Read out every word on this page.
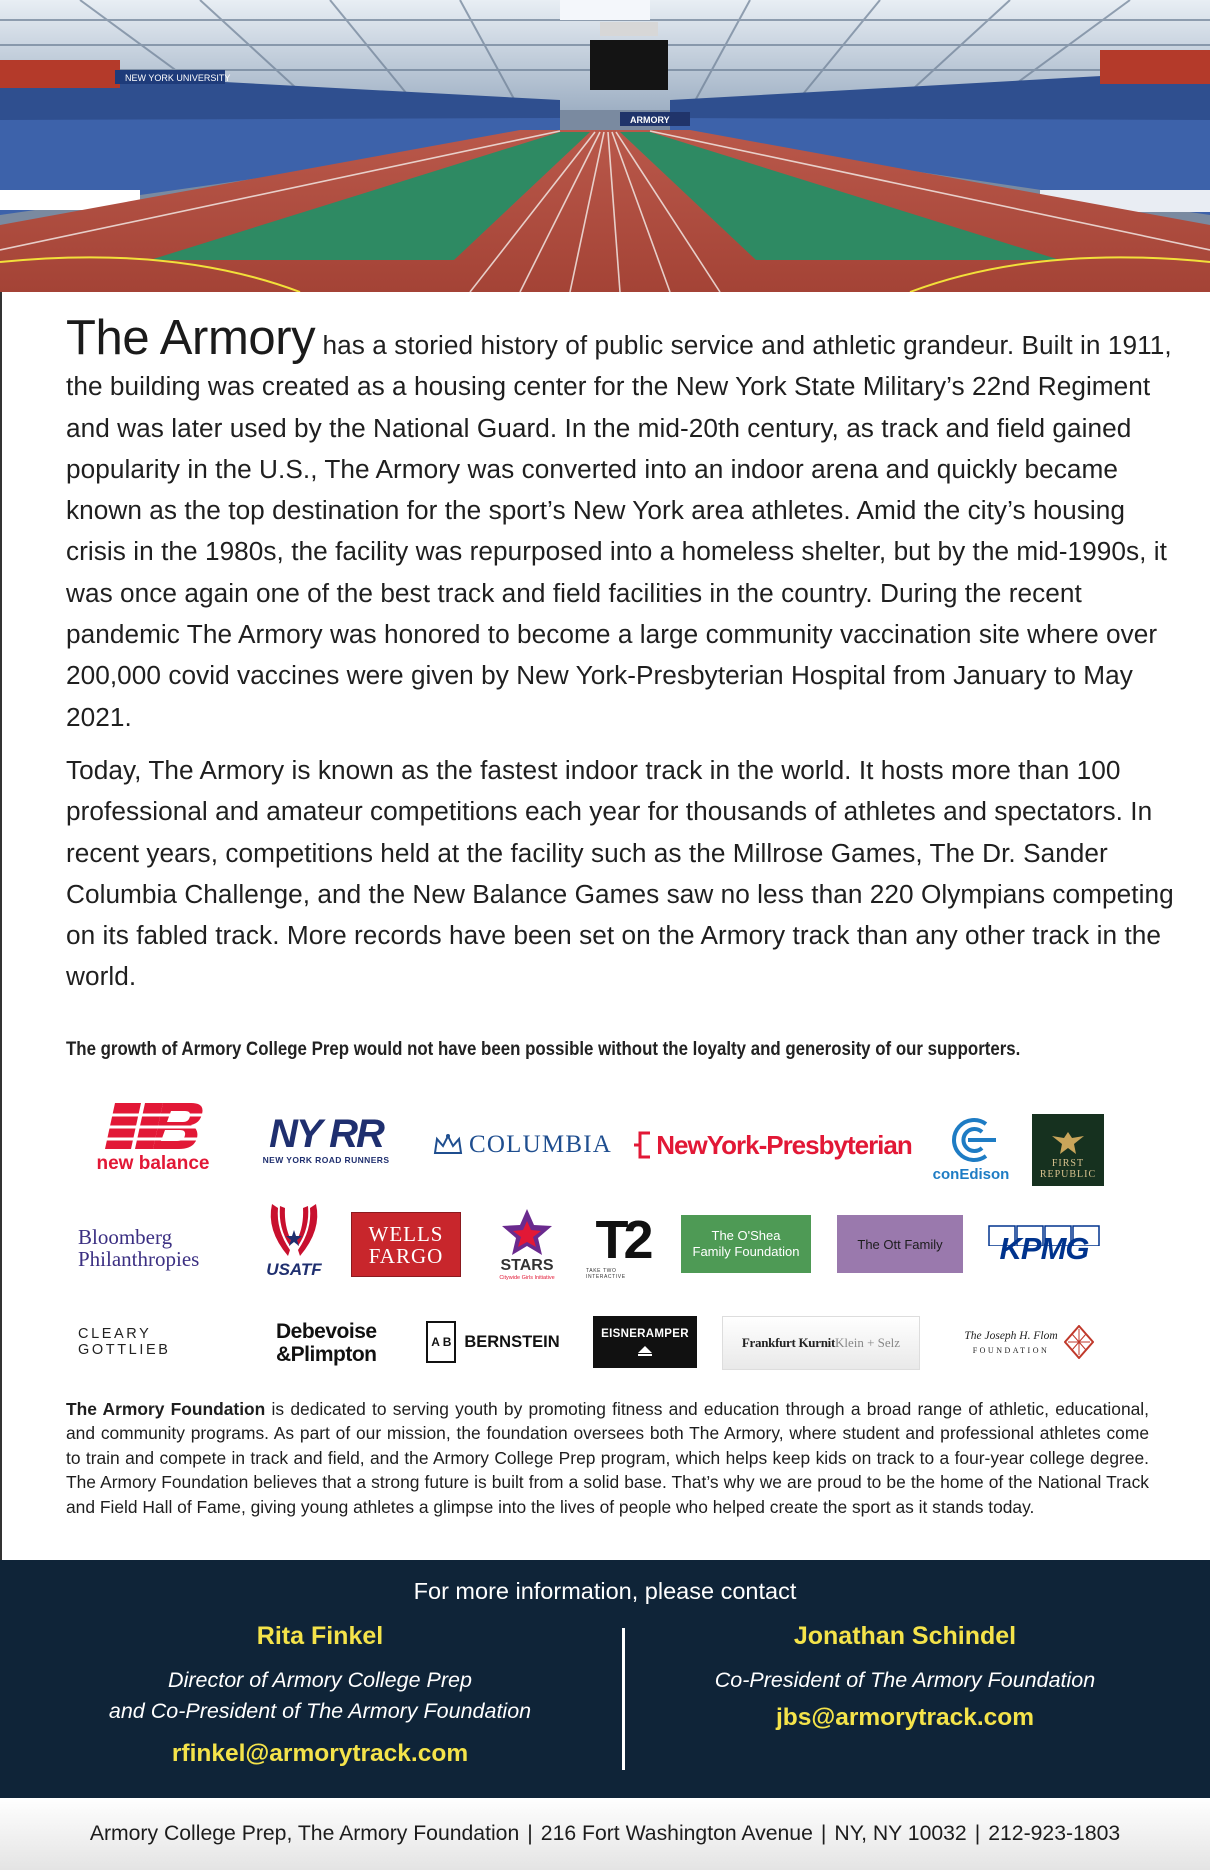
NEW YORK UNIVERSITY
ARMORY

The Armory has a storied history of public service and athletic grandeur. Built in 1911, the building was created as a housing center for the New York State Military’s 22nd Regiment and was later used by the National Guard. In the mid-20th century, as track and field gained popularity in the U.S., The Armory was converted into an indoor arena and quickly became known as the top destination for the sport’s New York area athletes. Amid the city’s housing crisis in the 1980s, the facility was repurposed into a homeless shelter, but by the mid-1990s, it was once again one of the best track and field facilities in the country. During the recent pandemic The Armory was honored to become a large community vaccination site where over 200,000 covid vaccines were given by New York-Presbyterian Hospital from January to May 2021.

Today, The Armory is known as the fastest indoor track in the world. It hosts more than 100 professional and amateur competitions each year for thousands of athletes and spectators. In recent years, competitions held at the facility such as the Millrose Games, The Dr. Sander Columbia Challenge, and the New Balance Games saw no less than 220 Olympians competing on its fabled track. More records have been set on the Armory track than any other track in the world.

The growth of Armory College Prep would not have been possible without the loyalty and generosity of our supporters.
new balance
NY RR
NEW YORK ROAD RUNNERS
COLUMBIA NewYork-Presbyterian
conEdison
FIRST
REPUBLIC
Bloomberg
Philanthropies	USATF
WELLS
FARGO	STARS
Citywide Girls Initiative
T2
TAKE TWO INTERACTIVE
The O'Shea
Family Foundation	The Ott Family KPMG
CLEARY GOTTLIEB
Debevoise
&Plimpton
A B BERNSTEIN	EISNERAMPER
Frankfurt Kurnit Klein + Selz	The Joseph H. Flom
FOUNDATION

The Armory Foundation is dedicated to serving youth by promoting fitness and education through a broad range of athletic, educational, and community programs. As part of our mission, the foundation oversees both The Armory, where student and professional athletes come to train and compete in track and field, and the Armory College Prep program, which helps keep kids on track to a four-year college degree. The Armory Foundation believes that a strong future is built from a solid base. That’s why we are proud to be the home of the National Track and Field Hall of Fame, giving young athletes a glimpse into the lives of people who helped create the sport as it stands today.

For more information, please contact
Rita Finkel
Director of Armory College Prep
and Co-President of The Armory Foundation
rfinkel@armorytrack.com
Jonathan Schindel
Co-President of The Armory Foundation
jbs@armorytrack.com
Armory College Prep, The Armory Foundation | 216 Fort Washington Avenue | NY, NY 10032 | 212-923-1803
